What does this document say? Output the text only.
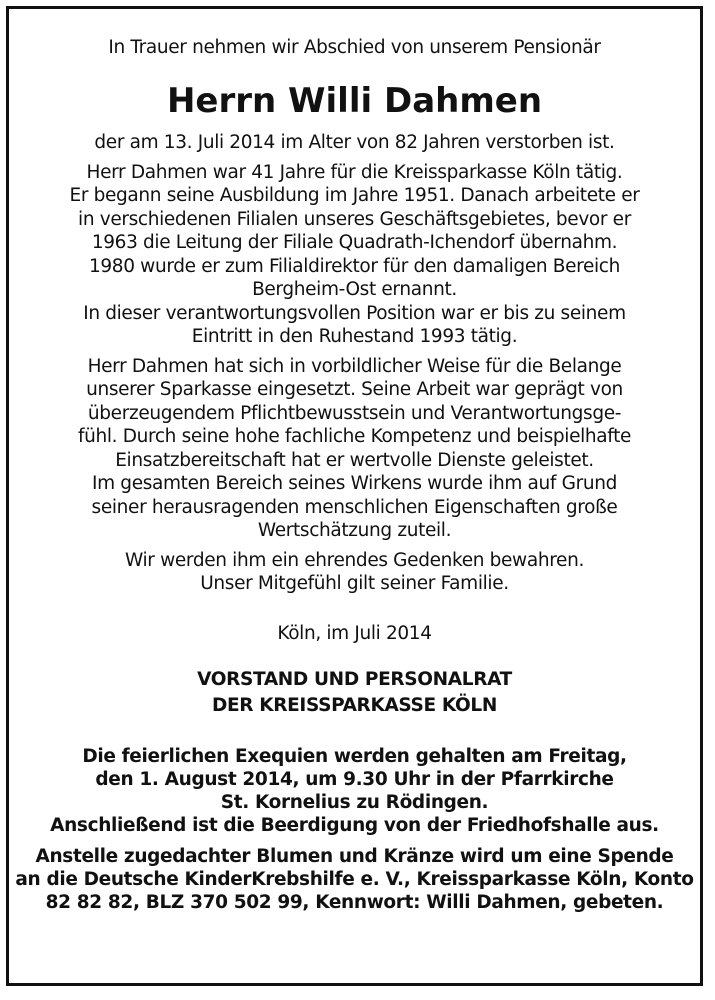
In Trauer nehmen wir Abschied von unserem Pensionär
Herrn Willi Dahmen
der am 13. Juli 2014 im Alter von 82 Jahren verstorben ist.
Herr Dahmen war 41 Jahre für die Kreissparkasse Köln tätig.
Er begann seine Ausbildung im Jahre 1951. Danach arbeitete er
in verschiedenen Filialen unseres Geschäftsgebietes, bevor er
1963 die Leitung der Filiale Quadrath-Ichendorf übernahm.
1980 wurde er zum Filialdirektor für den damaligen Bereich
Bergheim-Ost ernannt.
In dieser verantwortungsvollen Position war er bis zu seinem
Eintritt in den Ruhestand 1993 tätig.
Herr Dahmen hat sich in vorbildlicher Weise für die Belange
unserer Sparkasse eingesetzt. Seine Arbeit war geprägt von
überzeugendem Pflichtbewusstsein und Verantwortungsge-
fühl. Durch seine hohe fachliche Kompetenz und beispielhafte
Einsatzbereitschaft hat er wertvolle Dienste geleistet.
Im gesamten Bereich seines Wirkens wurde ihm auf Grund
seiner herausragenden menschlichen Eigenschaften große
Wertschätzung zuteil.
Wir werden ihm ein ehrendes Gedenken bewahren.
Unser Mitgefühl gilt seiner Familie.
Köln, im Juli 2014
VORSTAND UND PERSONALRAT
DER KREISSPARKASSE KÖLN
Die feierlichen Exequien werden gehalten am Freitag,
den 1. August 2014, um 9.30 Uhr in der Pfarrkirche
St. Kornelius zu Rödingen.
Anschließend ist die Beerdigung von der Friedhofshalle aus.
Anstelle zugedachter Blumen und Kränze wird um eine Spende
an die Deutsche KinderKrebshilfe e. V., Kreissparkasse Köln, Konto
82 82 82, BLZ 370 502 99, Kennwort: Willi Dahmen, gebeten.
